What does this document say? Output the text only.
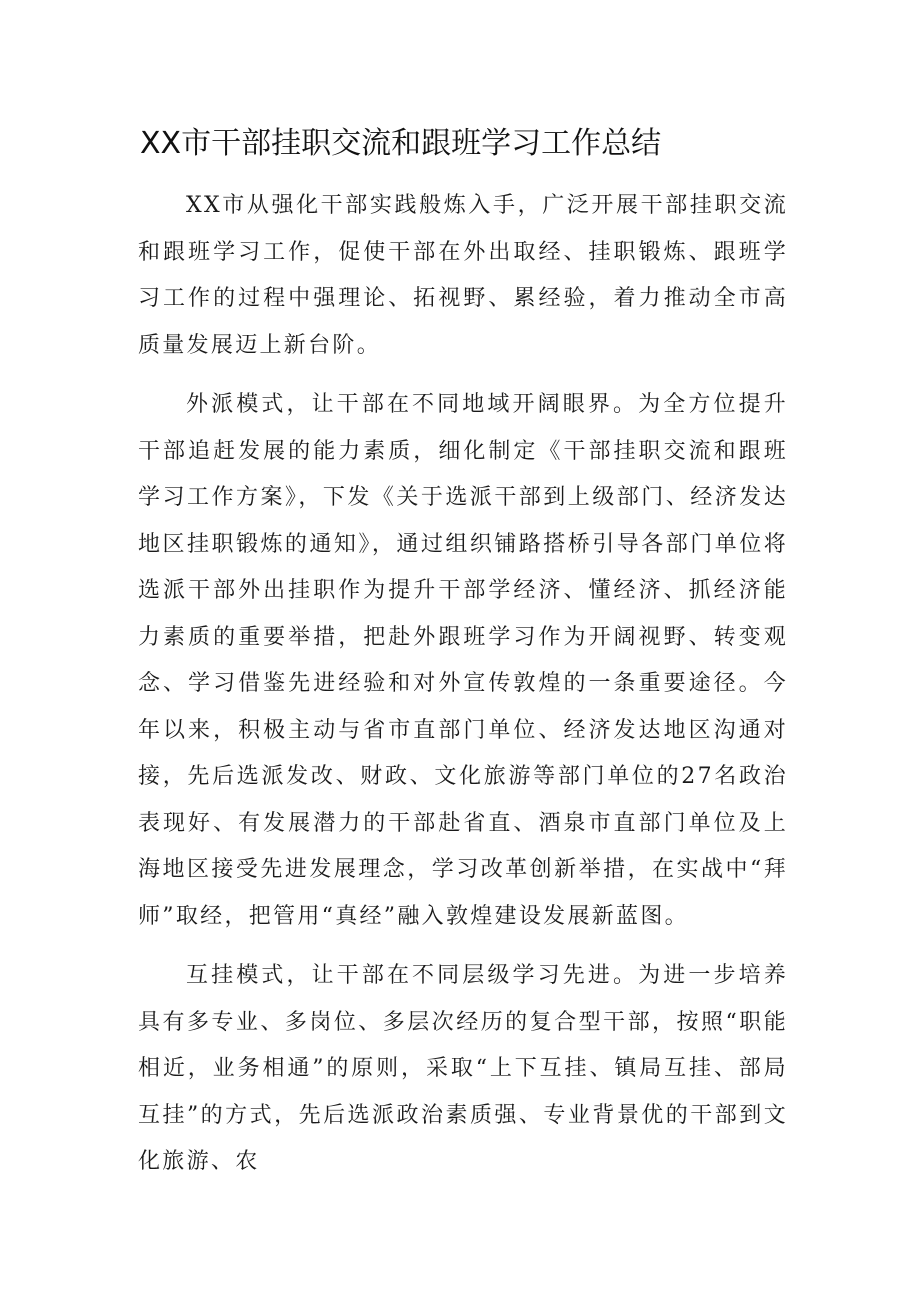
XX市干部挂职交流和跟班学习工作总结

XX市从强化干部实践般炼入手，广泛开展干部挂职交流和跟班学习工作，促使干部在外出取经、挂职锻炼、跟班学习工作的过程中强理论、拓视野、累经验，着力推动全市高质量发展迈上新台阶。

外派模式，让干部在不同地域开阔眼界。为全方位提升干部追赶发展的能力素质，细化制定《干部挂职交流和跟班学习工作方案》，下发《关于选派干部到上级部门、经济发达地区挂职锻炼的通知》，通过组织铺路搭桥引导各部门单位将选派干部外出挂职作为提升干部学经济、懂经济、抓经济能力素质的重要举措，把赴外跟班学习作为开阔视野、转变观念、学习借鉴先进经验和对外宣传敦煌的一条重要途径。今年以来，积极主动与省市直部门单位、经济发达地区沟通对接，先后选派发改、财政、文化旅游等部门单位的27名政治表现好、有发展潜力的干部赴省直、酒泉市直部门单位及上海地区接受先进发展理念，学习改革创新举措，在实战中“拜师”取经，把管用“真经”融入敦煌建设发展新蓝图。

互挂模式，让干部在不同层级学习先进。为进一步培养具有多专业、多岗位、多层次经历的复合型干部，按照“职能相近，业务相通”的原则，采取“上下互挂、镇局互挂、部局互挂”的方式，先后选派政治素质强、专业背景优的干部到文化旅游、农
